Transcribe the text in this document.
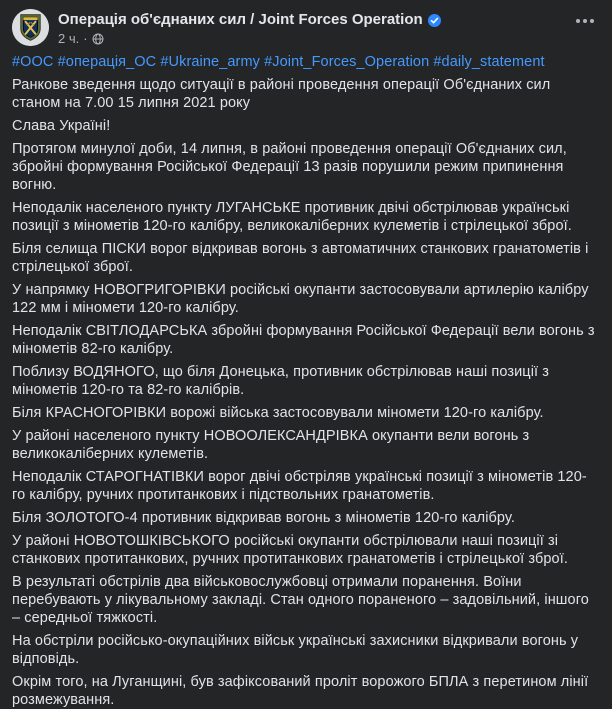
Операція об'єднаних сил / Joint Forces Operation
2 ч. ·

#ООС #операція_ОС #Ukraine_army #Joint_Forces_Operation #daily_statement

Ранкове зведення щодо ситуації в районі проведення операції Об'єднаних сил станом на 7.00 15 липня 2021 року

Слава Україні!

Протягом минулої доби, 14 липня, в районі проведення операції Об'єднаних сил, збройні формування Російської Федерації 13 разів порушили режим припинення вогню.

Неподалік населеного пункту ЛУГАНСЬКЕ противник двічі обстрілював українські позиції з мінометів 120-го калібру, великокаліберних кулеметів і стрілецької зброї.

Біля селища ПІСКИ ворог відкривав вогонь з автоматичних станкових гранатометів і стрілецької зброї.

У напрямку НОВОГРИГОРІВКИ російські окупанти застосовували артилерію калібру 122 мм і міномети 120-го калібру.

Неподалік СВІТЛОДАРСЬКА збройні формування Російської Федерації вели вогонь з мінометів 82-го калібру.

Поблизу ВОДЯНОГО, що біля Донецька, противник обстрілював наші позиції з мінометів 120-го та 82-го калібрів.

Біля КРАСНОГОРІВКИ ворожі війська застосовували міномети 120-го калібру.

У районі населеного пункту НОВООЛЕКСАНДРІВКА окупанти вели вогонь з великокаліберних кулеметів.

Неподалік СТАРОГНАТІВКИ ворог двічі обстріляв українські позиції з мінометів 120-го калібру, ручних протитанкових і підствольних гранатометів.

Біля ЗОЛОТОГО-4 противник відкривав вогонь з мінометів 120-го калібру.

У районі НОВОТОШКІВСЬКОГО російські окупанти обстрілювали наші позиції зі станкових протитанкових, ручних протитанкових гранатометів і стрілецької зброї.

В результаті обстрілів два військовослужбовці отримали поранення. Воїни перебувають у лікувальному закладі. Стан одного пораненого – задовільний, іншого – середньої тяжкості.

На обстріли російсько-окупаційних військ українські захисники відкривали вогонь у відповідь.

Окрім того, на Луганщині, був зафіксований проліт ворожого БПЛА з перетином лінії розмежування.
